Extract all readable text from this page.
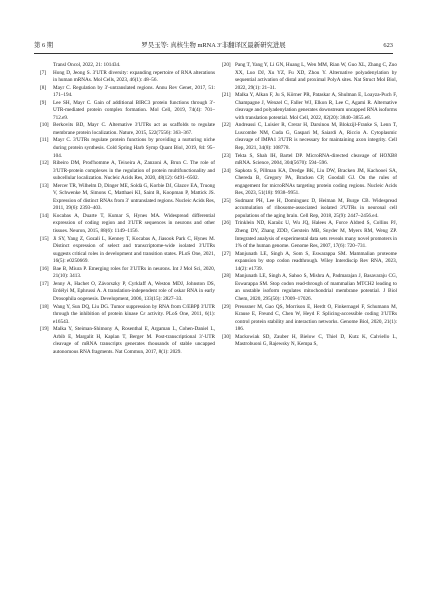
第 6 期	罗昊玉等: 真核生物 mRNA 3′非翻译区最新研究进展	623

Transl Oncol, 2022, 21: 101434.

[7] Hong D, Jeong S. 3′UTR diversity: expanding repertoire of RNA alterations in human mRNAs. Mol Cells, 2023, 46(1): 48–56.

[8] Mayr C. Regulation by 3′-untranslated regions. Annu Rev Genet, 2017, 51: 171–194.

[9] Lee SH, Mayr C. Gain of additional BIRC3 protein functions through 3′-UTR-mediated protein complex formation. Mol Cell, 2019, 74(4): 701–712.e9.

[10] Berkovits BD, Mayr C. Alternative 3′UTRs act as scaffolds to regulate membrane protein localization. Nature, 2015, 522(7556): 363–367.

[11] Mayr C. 3′UTRs regulate protein functions by providing a nurturing niche during protein synthesis. Cold Spring Harb Symp Quant Biol, 2019, 84: 95–104.

[12] Ribeiro DM, Prod'homme A, Teixeira A, Zanzoni A, Brun C. The role of 3′UTR-protein complexes in the regulation of protein multifunctionality and subcellular localization. Nucleic Acids Res, 2020, 48(12): 6491–6502.

[13] Mercer TR, Wilhelm D, Dinger ME, Soldà G, Korbie DJ, Glazov EA, Truong V, Schwenke M, Simons C, Matthaei KI, Saint R, Koopman P, Mattick JS. Expression of distinct RNAs from 3′ untranslated regions. Nucleic Acids Res, 2011, 39(6): 2393–403.

[14] Kocabas A, Duarte T, Kumar S, Hynes MA. Widespread differential expression of coding region and 3′UTR sequences in neurons and other tissues. Neuron, 2015, 88(6): 1149–1156.

[15] Ji SY, Yang Z, Gozali L, Kenney T, Kocabas A, Jiasook Park C, Hynes M. Distinct expression of select and transcriptome-wide isolated 3′UTRs suggests critical roles in development and transition states. PLoS One, 2021, 16(5): e0250669.

[16] Bae B, Miura P. Emerging roles for 3′UTRs in neurons. Int J Mol Sci, 2020, 21(10): 3413.

[17] Jenny A, Hachet O, Závorszky P, Cyrklaff A, Weston MDJ, Johnston DS, Erdélyi M, Ephrussi A. A translation-independent role of oskar RNA in early Drosophila oogenesis. Development, 2006, 133(15): 2827–33.

[18] Wang Y, Sun DQ, Liu DG. Tumor suppression by RNA from C/EBPβ 3′UTR through the inhibition of protein kinase Cε activity. PLoS One, 2011, 6(1): e16543.

[19] Malka Y, Steiman-Shimony A, Rosenthal E, Argaman L, Cohen-Daniel L, Arbib E, Margalit H, Kaplan T, Berger M. Post-transcriptional 3′-UTR cleavage of mRNA transcripts generates thousands of stable uncapped autonomous RNA fragments. Nat Commun, 2017, 8(1): 2029.

[20] Pang T, Yang Y, Li GN, Huang L, Wen MM, Rian W, Guo XL, Zhang C, Zuo XX, Luo DJ, Xu YZ, Fu XD, Zhou Y. Alternative polyadenylation by sequential activation of distal and proximal PolyA sites. Nat Struct Mol Biol, 2022, 29(1): 21–31.

[21] Malka Y, Alkan F, Ju S, Körner PR, Pataskar A, Shulman E, Loayza-Puch F, Champagne J, Wenzel C, Faller WJ, Elkon R, Lee C, Agami R. Alternative cleavage and polyadenylation generates downstream uncapped RNA isoforms with translation potential. Mol Cell, 2022, 82(20): 3840–3855.e8.

[22] Andreassi C, Luisier R, Crerar H, Darsinou M, Blokzijl-Franke S, Lenn T, Luscombe NM, Cuda G, Gaspari M, Saiardi A, Riccio A. Cytoplasmic cleavage of IMPA1 3′UTR is necessary for maintaining axon integrity. Cell Rep, 2021, 34(8): 108778.

[23] Tekta S, Shah IH, Bartel DP. MicroRNA-directed cleavage of HOXB8 mRNA. Science, 2004, 304(5670): 594–596.

[24] Sapkota S, Pillman KA, Dredge BK, Liu DW, Bracken JM, Kachooei SA, Chereda B, Gregory PA, Bracken CP, Goodall GJ. On the rules of engagement for microRNAs targeting protein coding regions. Nucleic Acids Res, 2023, 51(18): 9938–9951.

[25] Sudmant PH, Lee H, Dominguez D, Heiman M, Burge CB. Widespread accumulation of ribosome-associated isolated 3′UTRs in neuronal cell populations of the aging brain. Cell Rep, 2018, 25(9): 2447–2456.e4.

[26] Trinklein ND, Karaöz U, Wu JQ, Halees A, Force Aldred S, Collins PJ, Zheng DY, Zhang ZDD, Gerstein MB, Snyder M, Myers RM, Weng ZP. Integrated analysis of experimental data sets reveals many novel promoters in 1% of the human genome. Genome Res, 2007, 17(6): 720–731.

[27] Manjunath LE, Singh A, Som S, Eswarappa SM. Mammalian proteome expansion by stop codon readthrough. Wiley Interdiscip Rev RNA, 2023, 14(2): e1739.

[28] Manjunath LE, Singh A, Sahoo S, Mishra A, Padmarajan J, Basavaraju CG, Eswarappa SM. Stop codon read-through of mammalian MTCH2 leading to an unstable isoform regulates mitochondrial membrane potential. J Biol Chem, 2020, 295(50): 17009–17026.

[29] Preussner M, Gao QS, Morrison E, Herdt O, Finkernagel F, Schumann M, Krause E, Freund C, Chen W, Heyd F. Splicing-accessible coding 3′UTRs control protein stability and interaction networks. Genome Biol, 2020, 21(1): 186.

[30] Mackowiak SD, Zauber H, Bielow C, Thiel D, Kutz K, Calviello L, Mastrobuoni G, Rajewsky N, Kempa S,
